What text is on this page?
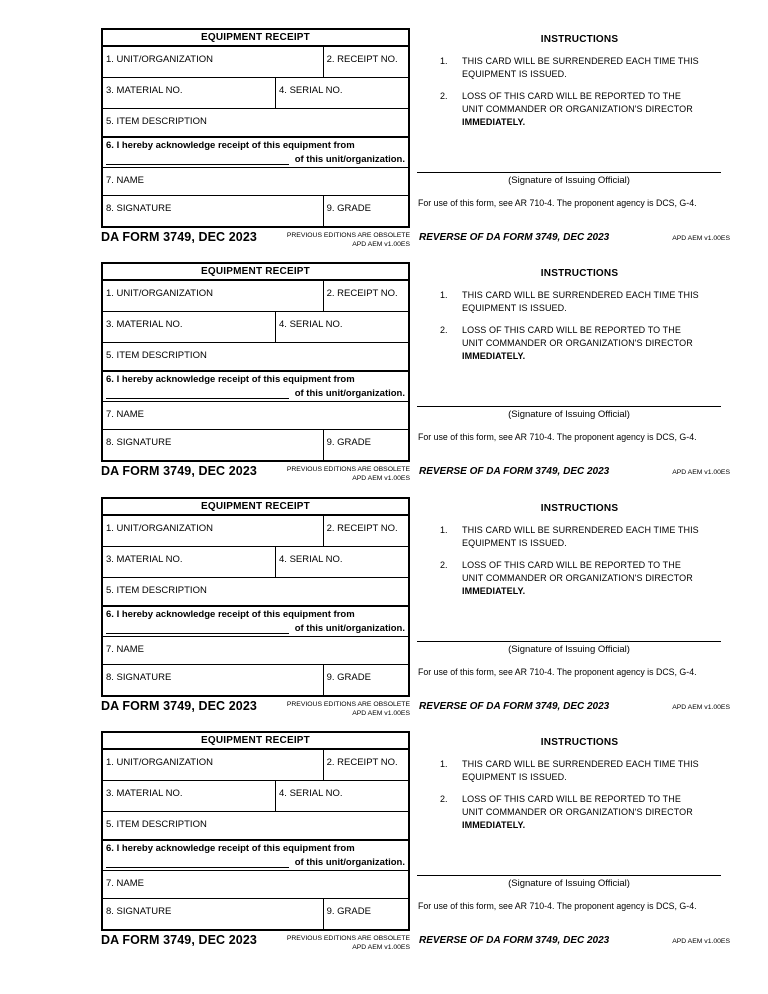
EQUIPMENT RECEIPT
1. UNIT/ORGANIZATION	2. RECEIPT NO.
3. MATERIAL NO.	4. SERIAL NO.
5. ITEM DESCRIPTION
6. I hereby acknowledge receipt of this equipment from
of this unit/organization.
7. NAME
8. SIGNATURE	9. GRADE
DA FORM 3749, DEC 2023	PREVIOUS EDITIONS ARE OBSOLETE
APD AEM v1.00ES
INSTRUCTIONS
1.	THIS CARD WILL BE SURRENDERED EACH TIME THIS
EQUIPMENT IS ISSUED.
2.	LOSS OF THIS CARD WILL BE REPORTED TO THE
UNIT COMMANDER OR ORGANIZATION'S DIRECTOR
IMMEDIATELY.
(Signature of Issuing Official)
For use of this form, see AR 710-4. The proponent agency is DCS, G-4.
REVERSE OF DA FORM 3749, DEC 2023	APD AEM v1.00ES
EQUIPMENT RECEIPT
1. UNIT/ORGANIZATION	2. RECEIPT NO.
3. MATERIAL NO.	4. SERIAL NO.
5. ITEM DESCRIPTION
6. I hereby acknowledge receipt of this equipment from
of this unit/organization.
7. NAME
8. SIGNATURE	9. GRADE
DA FORM 3749, DEC 2023	PREVIOUS EDITIONS ARE OBSOLETE
APD AEM v1.00ES
INSTRUCTIONS
1.	THIS CARD WILL BE SURRENDERED EACH TIME THIS
EQUIPMENT IS ISSUED.
2.	LOSS OF THIS CARD WILL BE REPORTED TO THE
UNIT COMMANDER OR ORGANIZATION'S DIRECTOR
IMMEDIATELY.
(Signature of Issuing Official)
For use of this form, see AR 710-4. The proponent agency is DCS, G-4.
REVERSE OF DA FORM 3749, DEC 2023	APD AEM v1.00ES
EQUIPMENT RECEIPT
1. UNIT/ORGANIZATION	2. RECEIPT NO.
3. MATERIAL NO.	4. SERIAL NO.
5. ITEM DESCRIPTION
6. I hereby acknowledge receipt of this equipment from
of this unit/organization.
7. NAME
8. SIGNATURE	9. GRADE
DA FORM 3749, DEC 2023	PREVIOUS EDITIONS ARE OBSOLETE
APD AEM v1.00ES
INSTRUCTIONS
1.	THIS CARD WILL BE SURRENDERED EACH TIME THIS
EQUIPMENT IS ISSUED.
2.	LOSS OF THIS CARD WILL BE REPORTED TO THE
UNIT COMMANDER OR ORGANIZATION'S DIRECTOR
IMMEDIATELY.
(Signature of Issuing Official)
For use of this form, see AR 710-4. The proponent agency is DCS, G-4.
REVERSE OF DA FORM 3749, DEC 2023	APD AEM v1.00ES
EQUIPMENT RECEIPT
1. UNIT/ORGANIZATION	2. RECEIPT NO.
3. MATERIAL NO.	4. SERIAL NO.
5. ITEM DESCRIPTION
6. I hereby acknowledge receipt of this equipment from
of this unit/organization.
7. NAME
8. SIGNATURE	9. GRADE
DA FORM 3749, DEC 2023	PREVIOUS EDITIONS ARE OBSOLETE
APD AEM v1.00ES
INSTRUCTIONS
1.	THIS CARD WILL BE SURRENDERED EACH TIME THIS
EQUIPMENT IS ISSUED.
2.	LOSS OF THIS CARD WILL BE REPORTED TO THE
UNIT COMMANDER OR ORGANIZATION'S DIRECTOR
IMMEDIATELY.
(Signature of Issuing Official)
For use of this form, see AR 710-4. The proponent agency is DCS, G-4.
REVERSE OF DA FORM 3749, DEC 2023	APD AEM v1.00ES
